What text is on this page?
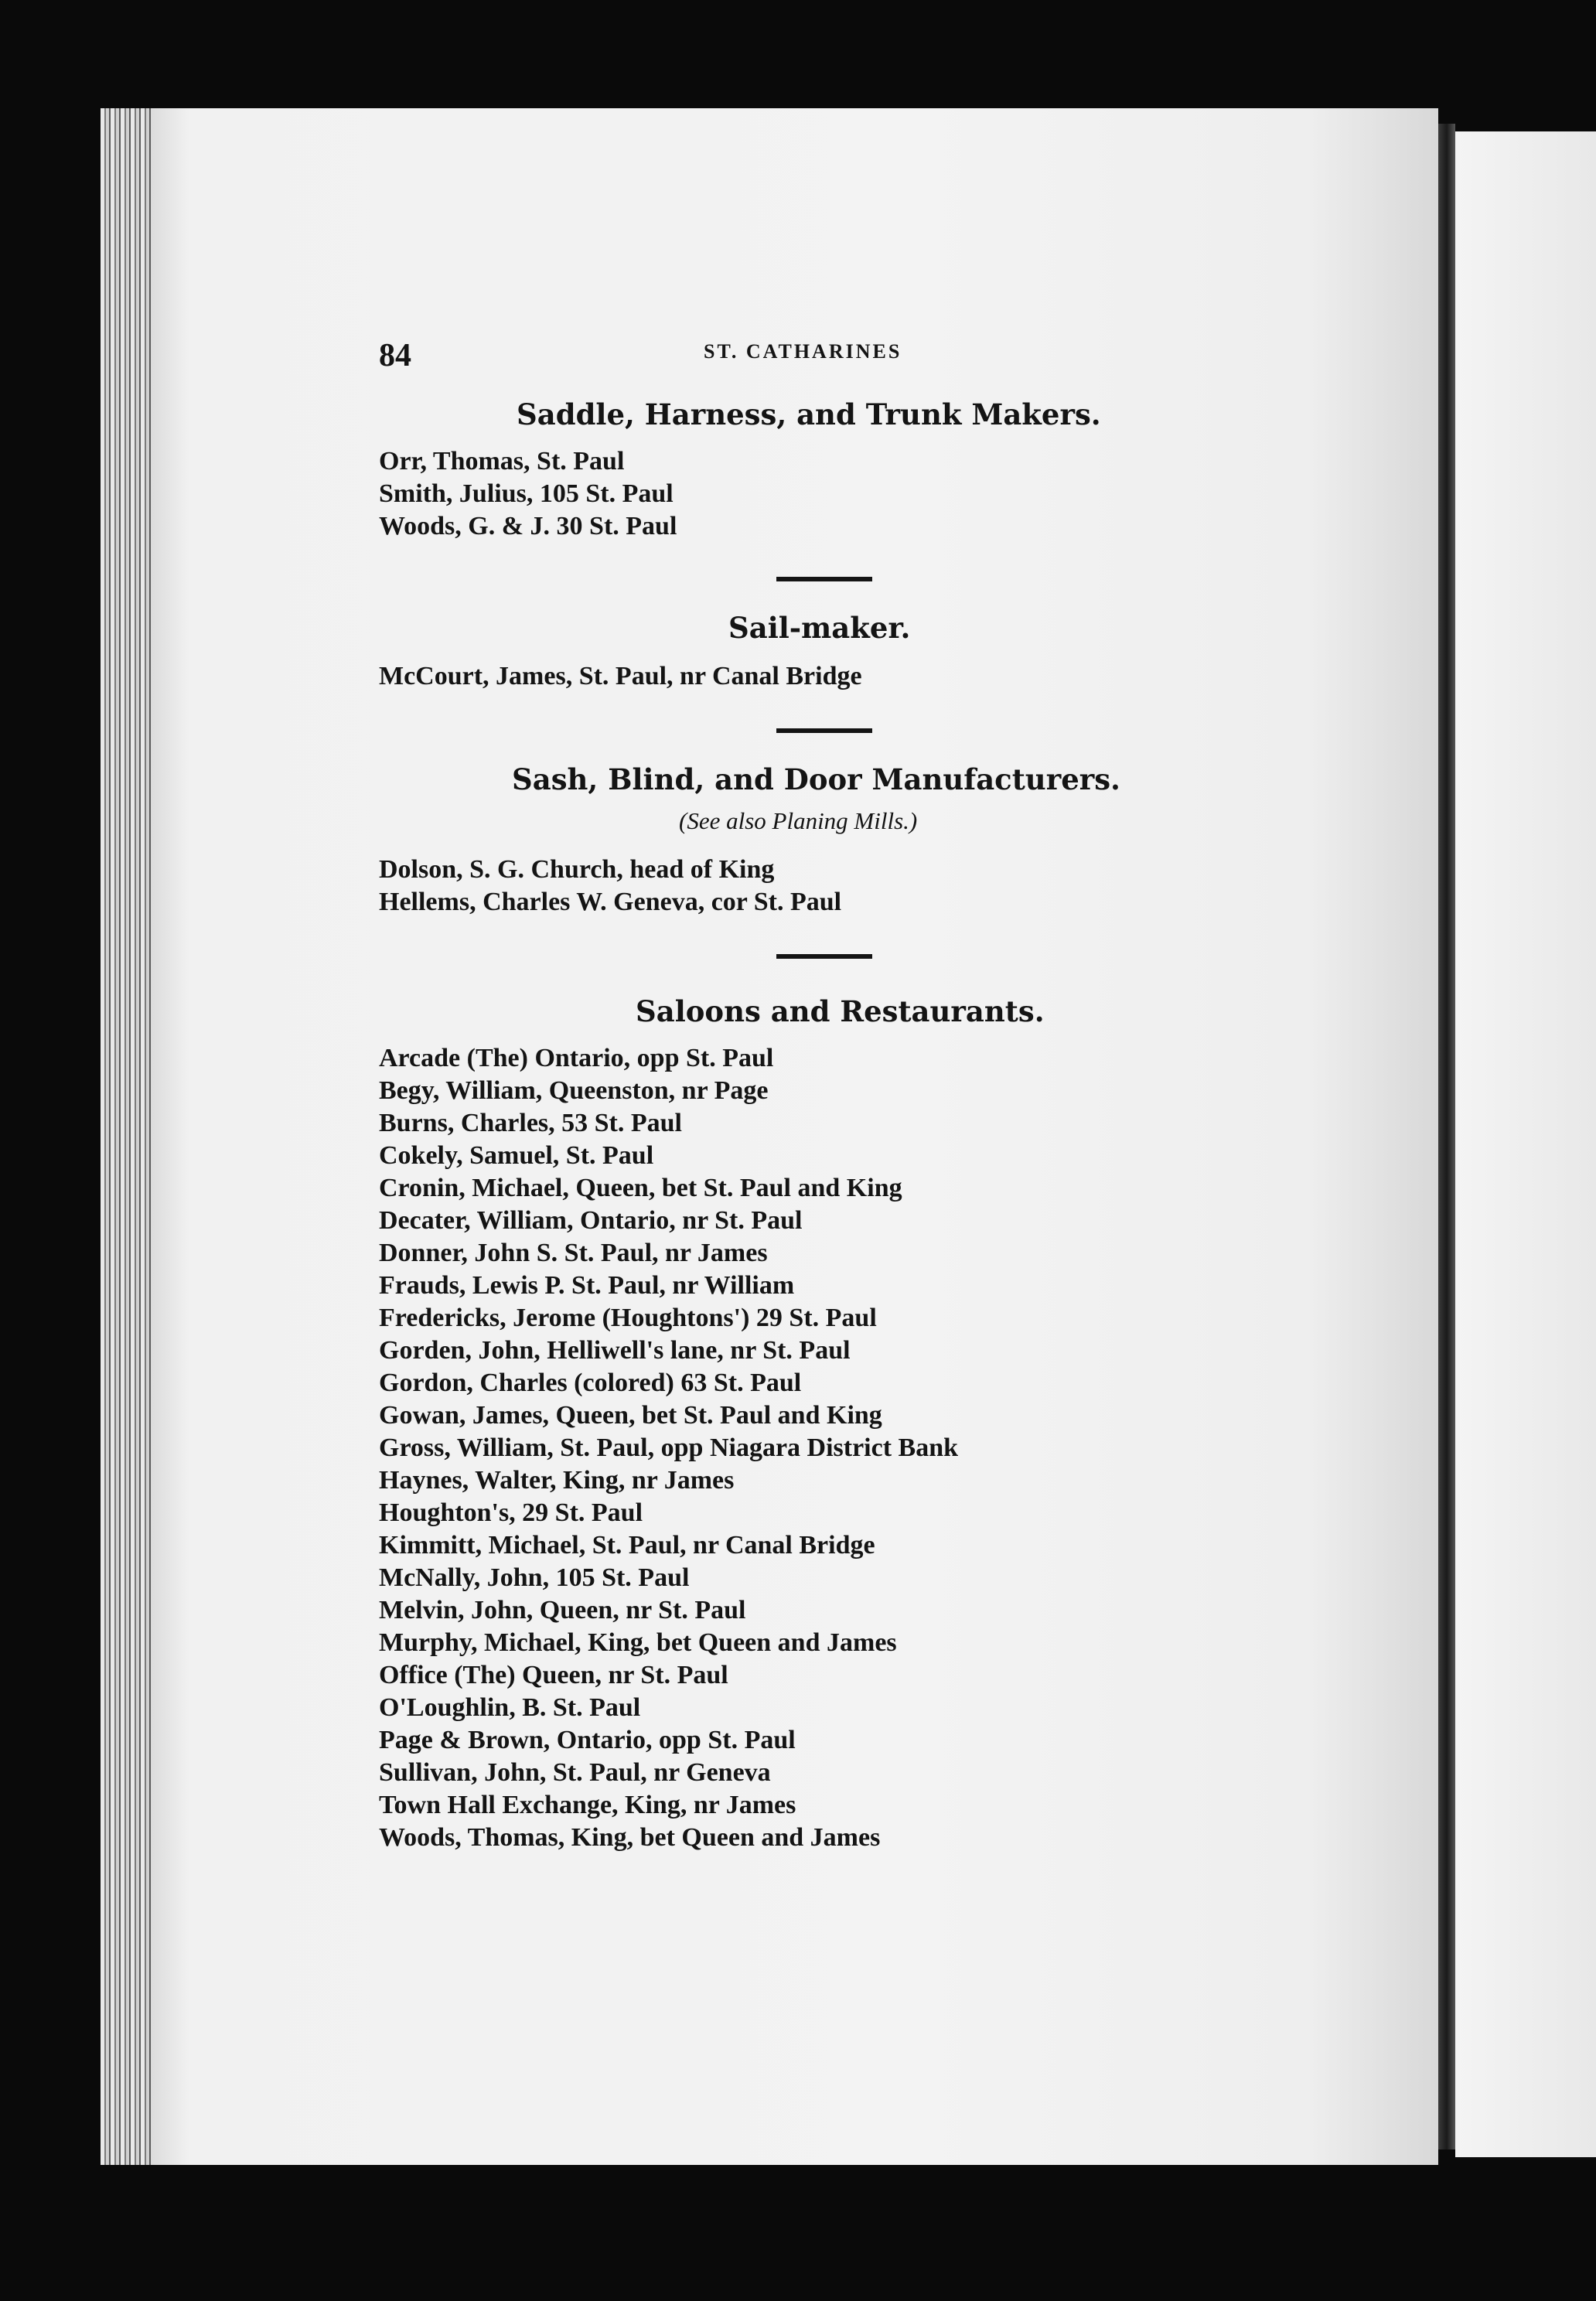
84	ST. CATHARINES
Saddle, Harness, and Trunk Makers.
Orr, Thomas, St. Paul
Smith, Julius, 105 St. Paul
Woods, G. & J. 30 St. Paul
Sail-maker.
McCourt, James, St. Paul, nr Canal Bridge
Sash, Blind, and Door Manufacturers.
(See also Planing Mills.)
Dolson, S. G. Church, head of King
Hellems, Charles W. Geneva, cor St. Paul
Saloons and Restaurants.
Arcade (The) Ontario, opp St. Paul
Begy, William, Queenston, nr Page
Burns, Charles, 53 St. Paul
Cokely, Samuel, St. Paul
Cronin, Michael, Queen, bet St. Paul and King
Decater, William, Ontario, nr St. Paul
Donner, John S. St. Paul, nr James
Frauds, Lewis P. St. Paul, nr William
Fredericks, Jerome (Houghtons') 29 St. Paul
Gorden, John, Helliwell's lane, nr St. Paul
Gordon, Charles (colored) 63 St. Paul
Gowan, James, Queen, bet St. Paul and King
Gross, William, St. Paul, opp Niagara District Bank
Haynes, Walter, King, nr James
Houghton's, 29 St. Paul
Kimmitt, Michael, St. Paul, nr Canal Bridge
McNally, John, 105 St. Paul
Melvin, John, Queen, nr St. Paul
Murphy, Michael, King, bet Queen and James
Office (The) Queen, nr St. Paul
O'Loughlin, B. St. Paul
Page & Brown, Ontario, opp St. Paul
Sullivan, John, St. Paul, nr Geneva
Town Hall Exchange, King, nr James
Woods, Thomas, King, bet Queen and James
